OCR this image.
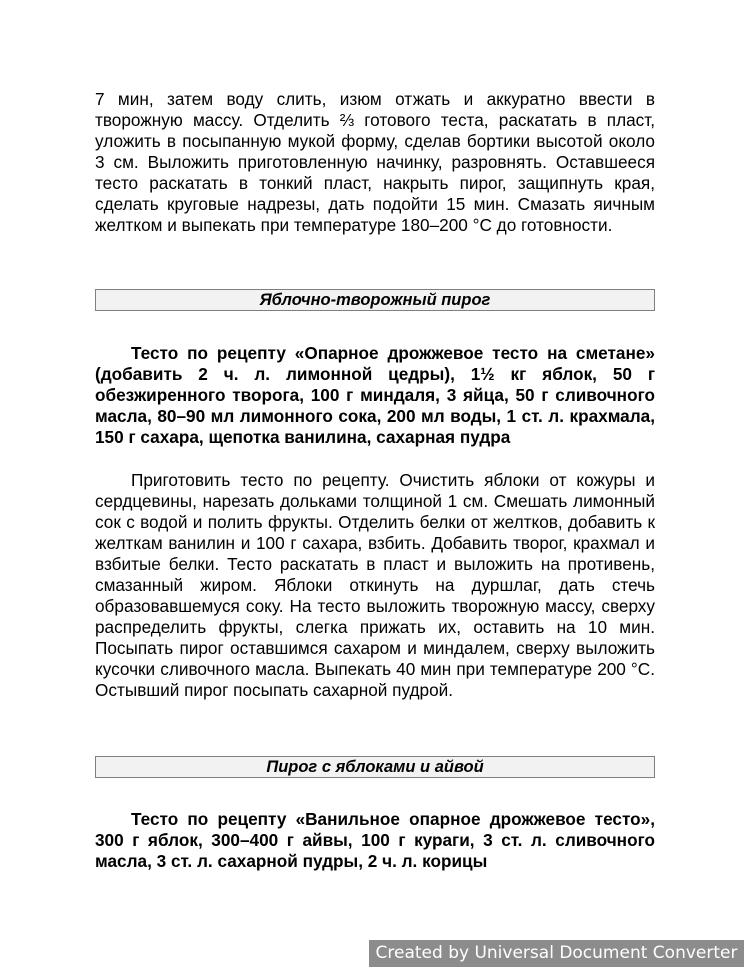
7 мин, затем воду слить, изюм отжать и аккуратно ввести в творожную массу. Отделить ⅔ готового теста, раскатать в пласт, уложить в посыпанную мукой форму, сделав бортики высотой около 3 см. Выложить приготовленную начинку, разровнять. Оставшееся тесто раскатать в тонкий пласт, накрыть пирог, защипнуть края, сделать круговые надрезы, дать подойти 15 мин. Смазать яичным желтком и выпекать при температуре 180–200 °C до готовности.

Яблочно-творожный пирог

Тесто по рецепту «Опарное дрожжевое тесто на сметане» (добавить 2 ч. л. лимонной цедры), 1½ кг яблок, 50 г обезжиренного творога, 100 г миндаля, 3 яйца, 50 г сливочного масла, 80–90 мл лимонного сока, 200 мл воды, 1 ст. л. крахмала, 150 г сахара, щепотка ванилина, сахарная пудра

Приготовить тесто по рецепту. Очистить яблоки от кожуры и сердцевины, нарезать дольками толщиной 1 см. Смешать лимонный сок с водой и полить фрукты. Отделить белки от желтков, добавить к желткам ванилин и 100 г сахара, взбить. Добавить творог, крахмал и взбитые белки. Тесто раскатать в пласт и выложить на противень, смазанный жиром. Яблоки откинуть на дуршлаг, дать стечь образовавшемуся соку. На тесто выложить творожную массу, сверху распределить фрукты, слегка прижать их, оставить на 10 мин. Посыпать пирог оставшимся сахаром и миндалем, сверху выложить кусочки сливочного масла. Выпекать 40 мин при температуре 200 °C. Остывший пирог посыпать сахарной пудрой.

Пирог с яблоками и айвой

Тесто по рецепту «Ванильное опарное дрожжевое тесто», 300 г яблок, 300–400 г айвы, 100 г кураги, 3 ст. л. сливочного масла, 3 ст. л. сахарной пудры, 2 ч. л. корицы

Created by Universal Document Converter
